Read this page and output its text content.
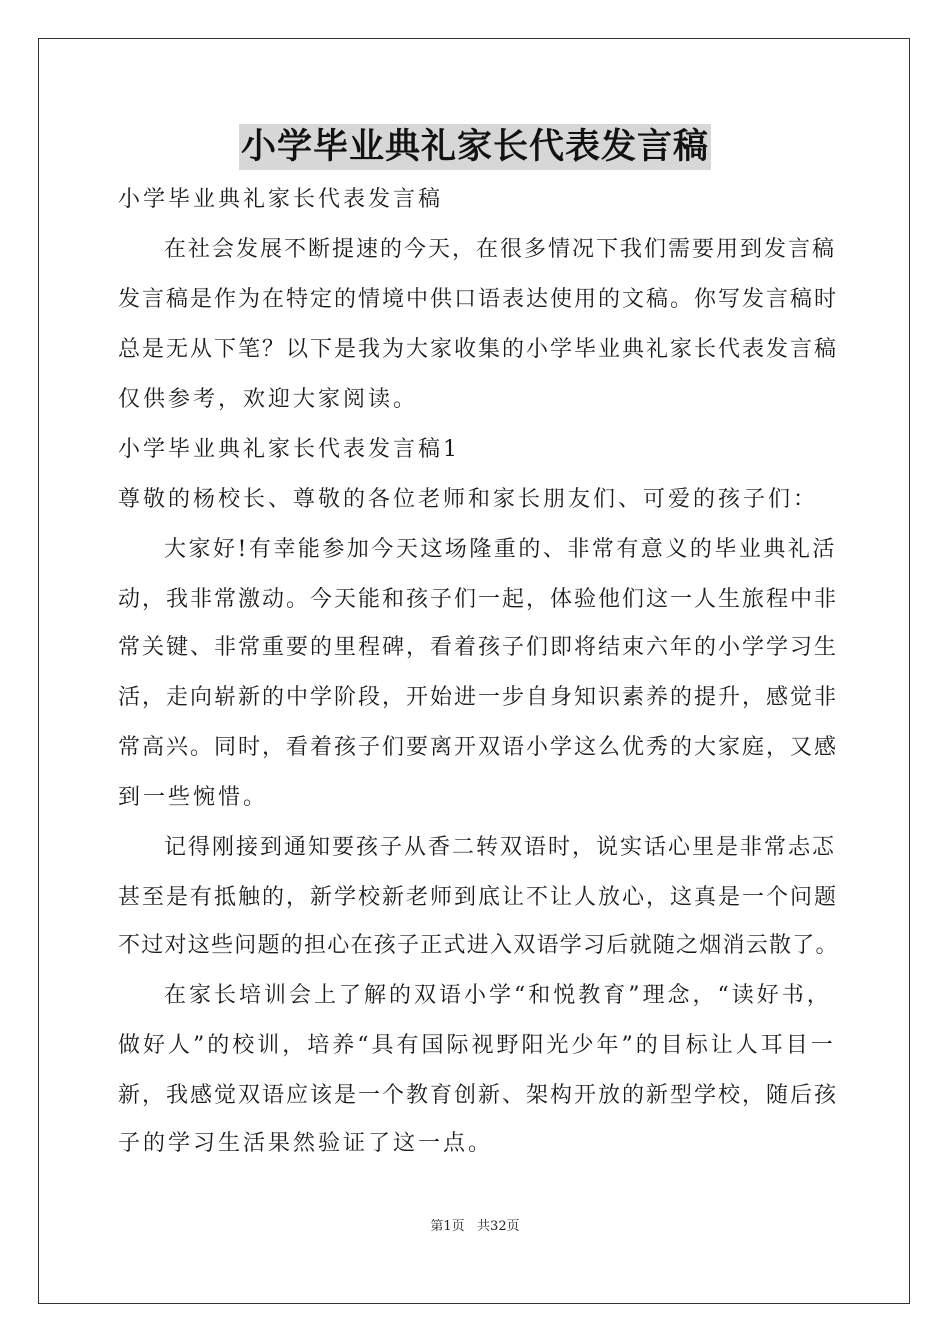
小学毕业典礼家长代表发言稿
小学毕业典礼家长代表发言稿
在社会发展不断提速的今天，在很多情况下我们需要用到发言稿
发言稿是作为在特定的情境中供口语表达使用的文稿。你写发言稿时
总是无从下笔？以下是我为大家收集的小学毕业典礼家长代表发言稿
仅供参考，欢迎大家阅读。
小学毕业典礼家长代表发言稿1
尊敬的杨校长、尊敬的各位老师和家长朋友们、可爱的孩子们：
大家好!有幸能参加今天这场隆重的、非常有意义的毕业典礼活
动，我非常激动。今天能和孩子们一起，体验他们这一人生旅程中非
常关键、非常重要的里程碑，看着孩子们即将结束六年的小学学习生
活，走向崭新的中学阶段，开始进一步自身知识素养的提升，感觉非
常高兴。同时，看着孩子们要离开双语小学这么优秀的大家庭，又感
到一些惋惜。
记得刚接到通知要孩子从香二转双语时，说实话心里是非常忐忑
甚至是有抵触的，新学校新老师到底让不让人放心，这真是一个问题
不过对这些问题的担心在孩子正式进入双语学习后就随之烟消云散了。
在家长培训会上了解的双语小学“和悦教育”理念，“读好书，
做好人”的校训，培养“具有国际视野阳光少年”的目标让人耳目一
新，我感觉双语应该是一个教育创新、架构开放的新型学校，随后孩
子的学习生活果然验证了这一点。
第1页   共32页
